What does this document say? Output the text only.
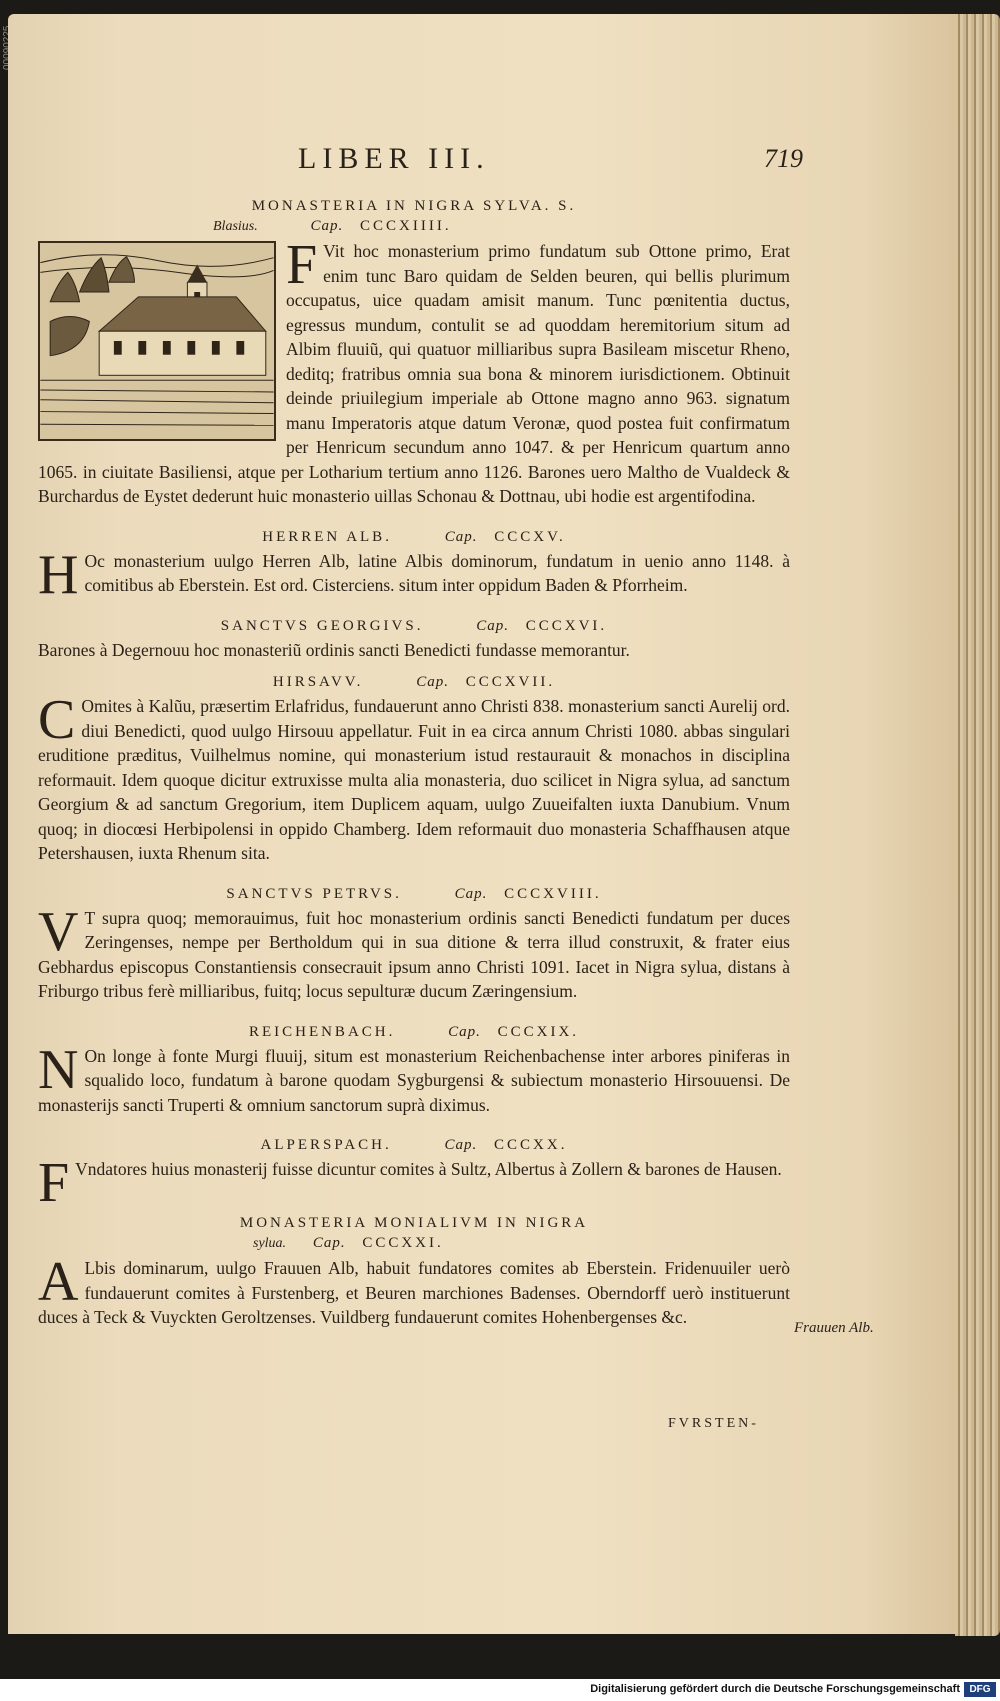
LIBER III.	719

MONASTERIA IN NIGRA SYLVA. S.

Blasius.	Cap. CCCXIIII.

F Vit hoc monasterium primo fundatum sub Ottone primo, Erat enim tunc Baro quidam de Selden beuren, qui bellis plurimum occupatus, uice quadam amisit manum. Tunc pœnitentia ductus, egressus mundum, contulit se ad quoddam heremitorium situm ad Albim fluuiũ, qui quatuor milliaribus supra Basileam miscetur Rheno, deditq; fratribus omnia sua bona & minorem iurisdictionem. Obtinuit deinde priuilegium imperiale ab Ottone magno anno 963. signatum manu Imperatoris atque datum Veronæ, quod postea fuit confirmatum per Henricum secundum anno 1047. & per Henricum quartum anno 1065. in ciuitate Basiliensi, atque per Lotharium tertium anno 1126. Barones uero Maltho de Vualdeck & Burchardus de Eystet dederunt huic monasterio uillas Schonau & Dottnau, ubi hodie est argentifodina.

HERREN ALB.	Cap. CCCXV.

H Oc monasterium uulgo Herren Alb, latine Albis dominorum, fundatum in uenio anno 1148. à comitibus ab Eberstein. Est ord. Cisterciens. situm inter oppidum Baden & Pforrheim.

SANCTVS GEORGIVS.	Cap. CCCXVI.

Barones à Degernouu hoc monasteriũ ordinis sancti Benedicti fundasse memorantur.

HIRSAVV.	Cap. CCCXVII.

C Omites à Kalũu, præsertim Erlafridus, fundauerunt anno Christi 838. monasterium sancti Aurelij ord. diui Benedicti, quod uulgo Hirsouu appellatur. Fuit in ea circa annum Christi 1080. abbas singulari eruditione præditus, Vuilhelmus nomine, qui monasterium istud restaurauit & monachos in disciplina reformauit. Idem quoque dicitur extruxisse multa alia monasteria, duo scilicet in Nigra sylua, ad sanctum Georgium & ad sanctum Gregorium, item Duplicem aquam, uulgo Zuueifalten iuxta Danubium. Vnum quoq; in diocœsi Herbipolensi in oppido Chamberg. Idem reformauit duo monasteria Schaffhausen atque Petershausen, iuxta Rhenum sita.

SANCTVS PETRVS.	Cap. CCCXVIII.

V T supra quoq; memorauimus, fuit hoc monasterium ordinis sancti Benedicti fundatum per duces Zeringenses, nempe per Bertholdum qui in sua ditione & terra illud construxit, & frater eius Gebhardus episcopus Constantiensis consecrauit ipsum anno Christi 1091. Iacet in Nigra sylua, distans à Friburgo tribus ferè milliaribus, fuitq; locus sepulturæ ducum Zæringensium.

REICHENBACH.	Cap. CCCXIX.

N On longe à fonte Murgi fluuij, situm est monasterium Reichenbachense inter arbores piniferas in squalido loco, fundatum à barone quodam Sygburgensi & subiectum monasterio Hirsouuensi. De monasterijs sancti Truperti & omnium sanctorum suprà diximus.

ALPERSPACH.	Cap. CCCXX.

F Vndatores huius monasterij fuisse dicuntur comites à Sultz, Albertus à Zollern & barones de Hausen.

MONASTERIA MONIALIVM IN NIGRA

sylua. Cap. CCCXXI.

A Lbis dominarum, uulgo Frauuen Alb, habuit fundatores comites ab Eberstein. Fridenuuiler uerò fundauerunt comites à Furstenberg, et Beuren marchiones Badenses. Oberndorff uerò instituerunt duces à Teck & Vuyckten Geroltzenses. Vuildberg fundauerunt comites Hohenbergenses &c.

Frauuen Alb.
FVRSTEN-
Digitalisierung gefördert durch die Deutsche Forschungsgemeinschaft DFG
